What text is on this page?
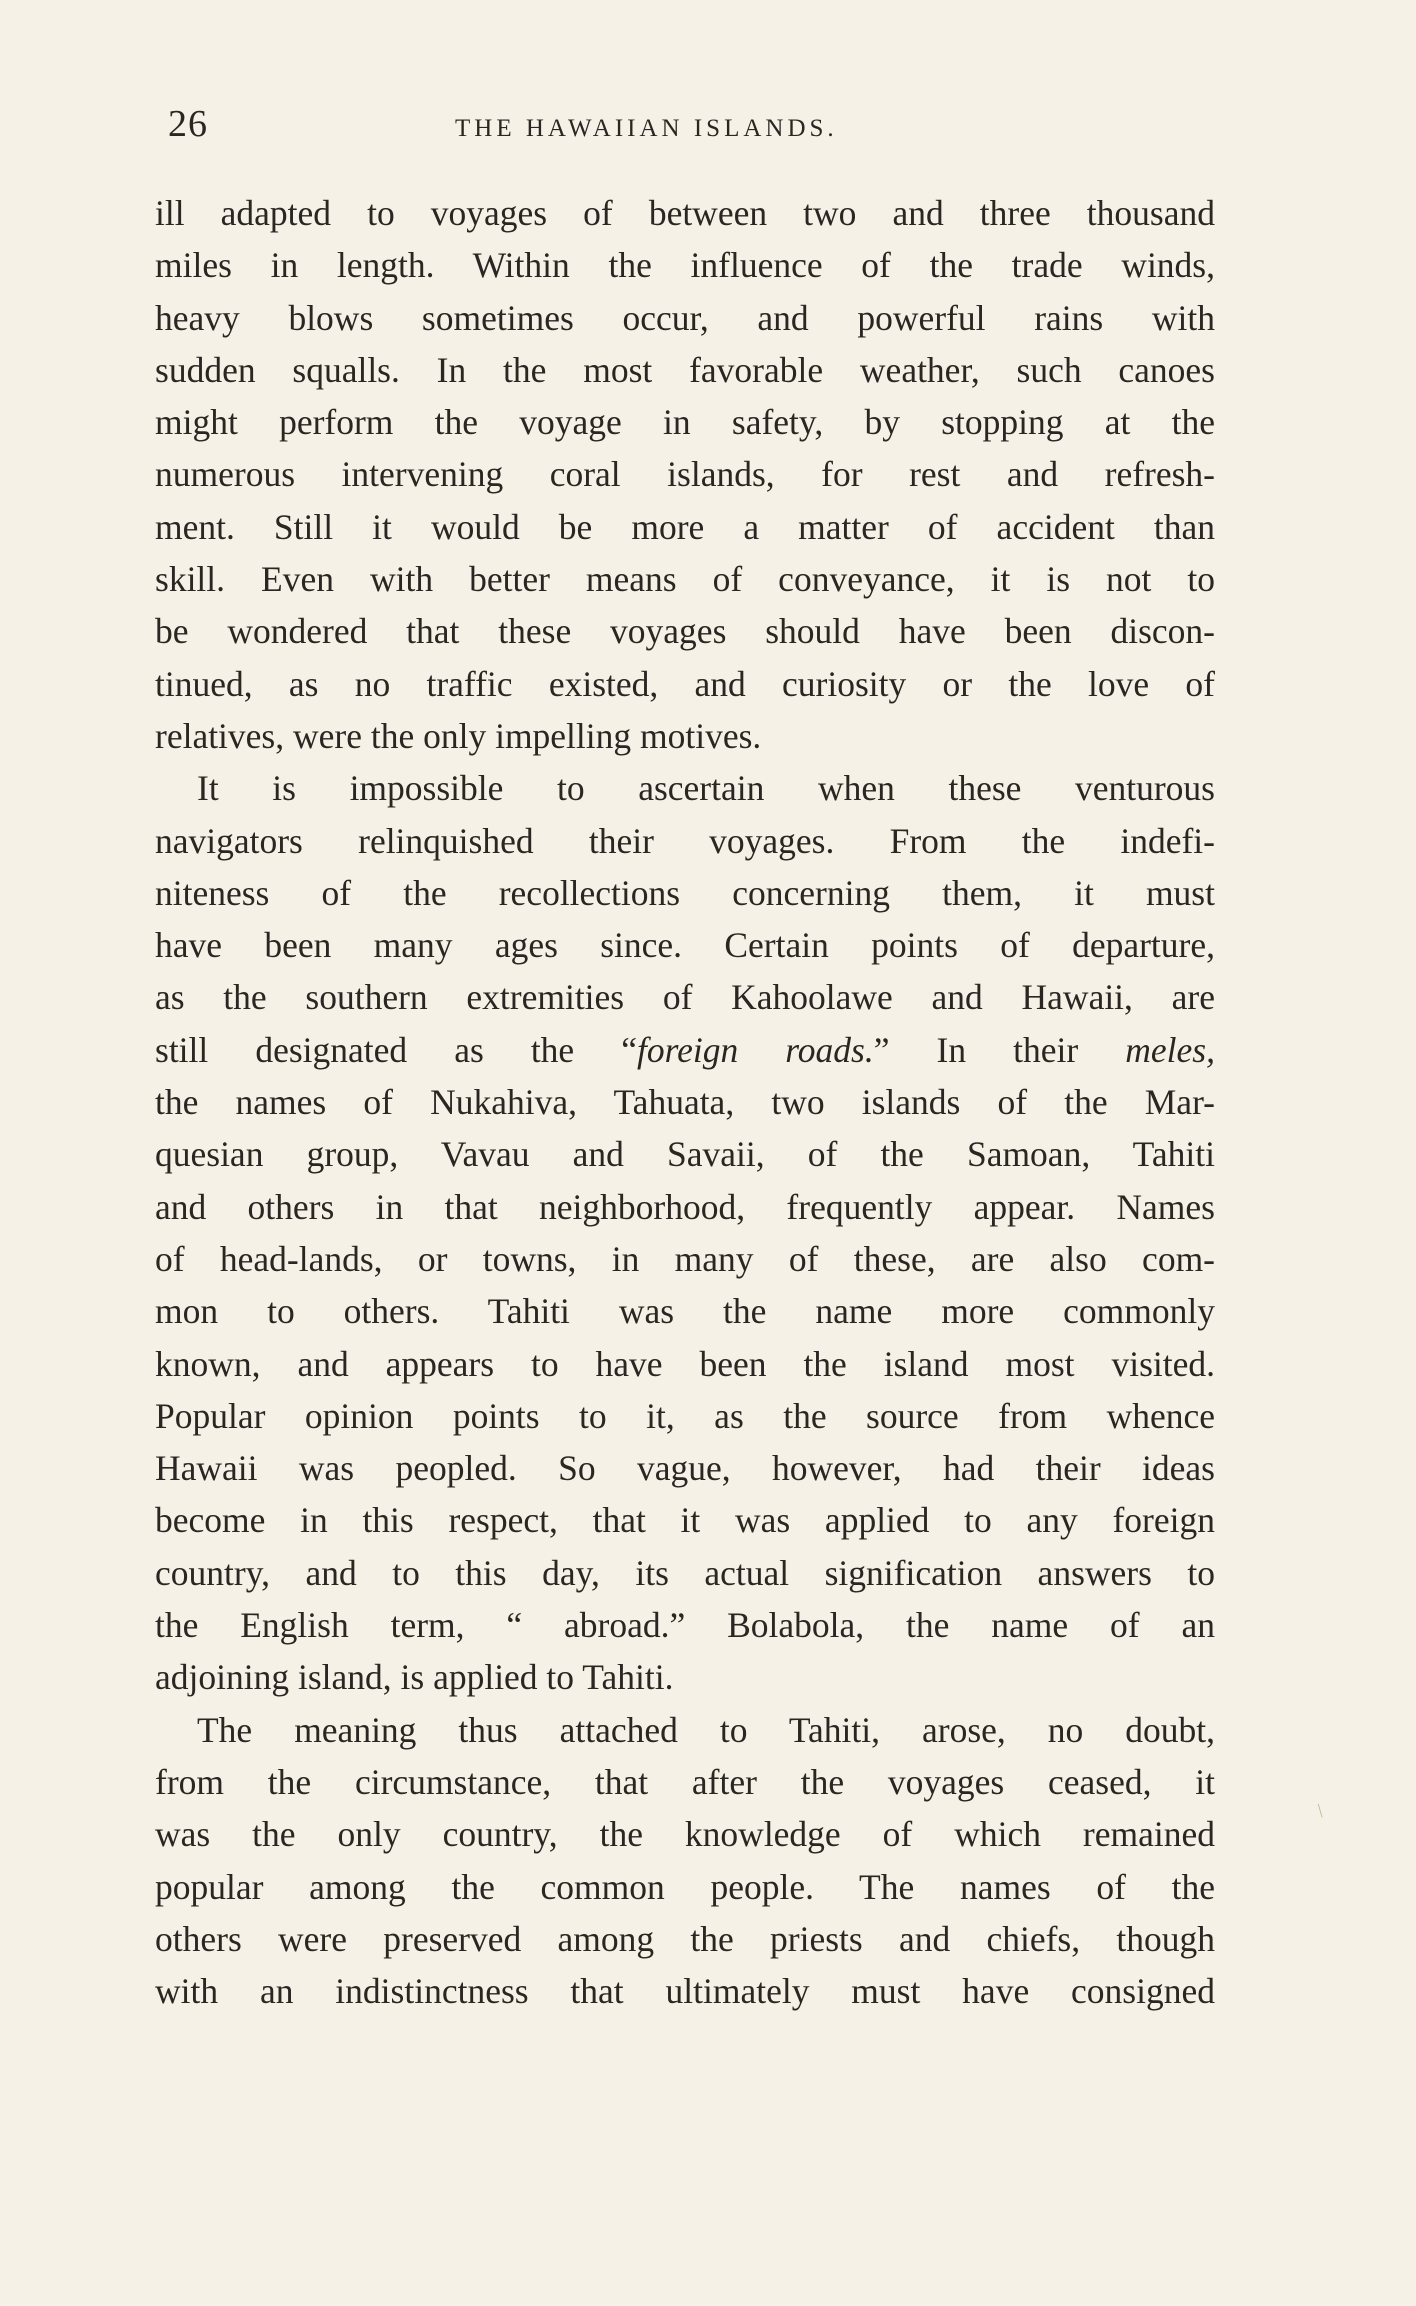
26	THE HAWAIIAN ISLANDS.
ill adapted to voyages of between two and three thousand
miles in length. Within the influence of the trade winds,
heavy blows sometimes occur, and powerful rains with
sudden squalls. In the most favorable weather, such canoes
might perform the voyage in safety, by stopping at the
numerous intervening coral islands, for rest and refresh-
ment. Still it would be more a matter of accident than
skill. Even with better means of conveyance, it is not to
be wondered that these voyages should have been discon-
tinued, as no traffic existed, and curiosity or the love of
relatives, were the only impelling motives.
It is impossible to ascertain when these venturous
navigators relinquished their voyages. From the indefi-
niteness of the recollections concerning them, it must
have been many ages since. Certain points of departure,
as the southern extremities of Kahoolawe and Hawaii, are
still designated as the “foreign roads.” In their meles,
the names of Nukahiva, Tahuata, two islands of the Mar-
quesian group, Vavau and Savaii, of the Samoan, Tahiti
and others in that neighborhood, frequently appear. Names
of head-lands, or towns, in many of these, are also com-
mon to others. Tahiti was the name more commonly
known, and appears to have been the island most visited.
Popular opinion points to it, as the source from whence
Hawaii was peopled. So vague, however, had their ideas
become in this respect, that it was applied to any foreign
country, and to this day, its actual signification answers to
the English term, “ abroad.” Bolabola, the name of an
adjoining island, is applied to Tahiti.
The meaning thus attached to Tahiti, arose, no doubt,
from the circumstance, that after the voyages ceased, it
was the only country, the knowledge of which remained
popular among the common people. The names of the
others were preserved among the priests and chiefs, though
with an indistinctness that ultimately must have consigned
/
